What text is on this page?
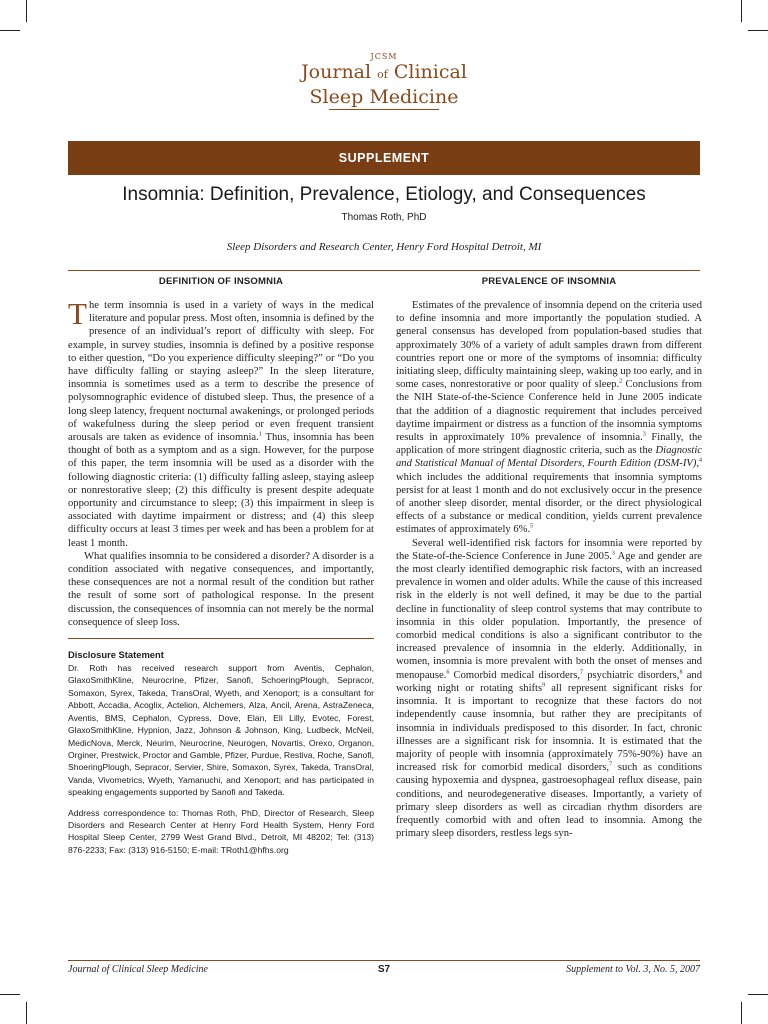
JCSM
Journal of Clinical
Sleep Medicine
SUPPLEMENT
Insomnia: Definition, Prevalence, Etiology, and Consequences
Thomas Roth, PhD
Sleep Disorders and Research Center, Henry Ford Hospital Detroit, MI
DEFINITION OF INSOMNIA

The term insomnia is used in a variety of ways in the medical literature and popular press. Most often, insomnia is defined by the presence of an individual’s report of difficulty with sleep. For example, in survey studies, insomnia is defined by a positive response to either question, “Do you experience difficulty sleeping?” or “Do you have difficulty falling or staying asleep?” In the sleep literature, insomnia is sometimes used as a term to describe the presence of polysomnographic evidence of distubed sleep. Thus, the presence of a long sleep latency, frequent nocturnal awakenings, or prolonged periods of wakefulness during the sleep period or even frequent transient arousals are taken as evidence of insomnia.$^1$ Thus, insomnia has been thought of both as a symptom and as a sign. However, for the purpose of this paper, the term insomnia will be used as a disorder with the following diagnostic criteria: (1) difficulty falling asleep, staying asleep or nonrestorative sleep; (2) this difficulty is present despite adequate opportunity and circumstance to sleep; (3) this impairment in sleep is associated with daytime impairment or distress; and (4) this sleep difficulty occurs at least 3 times per week and has been a problem for at least 1 month.

What qualifies insomnia to be considered a disorder? A disorder is a condition associated with negative consequences, and importantly, these consequences are not a normal result of the condition but rather the result of some sort of pathological response. In the present discussion, the consequences of insomnia can not merely be the normal consequence of sleep loss.

Disclosure Statement

Dr. Roth has received research support from Aventis, Cephalon, GlaxoSmithKline, Neurocrine, Pfizer, Sanofi, SchoeringPlough, Sepracor, Somaxon, Syrex, Takeda, TransOral, Wyeth, and Xenoport; is a consultant for Abbott, Accadia, Acoglix, Actelion, Alchemers, Alza, Ancil, Arena, AstraZeneca, Aventis, BMS, Cephalon, Cypress, Dove, Elan, Eli Lilly, Evotec, Forest, GlaxoSmithKline, Hypnion, Jazz, Johnson & Johnson, King, Ludbeck, McNeil, MedicNova, Merck, Neurim, Neurocrine, Neurogen, Novartis, Orexo, Organon, Orginer, Prestwick, Proctor and Gamble, Pfizer, Purdue, Restiva, Roche, Sanofi, ShoeringPlough, Sepracor, Servier, Shire, Somaxon, Syrex, Takeda, TransOral, Vanda, Vivometrics, Wyeth, Yamanuchi, and Xenoport; and has participated in speaking engagements supported by Sanofi and Takeda.

Address correspondence to: Thomas Roth, PhD, Director of Research, Sleep Disorders and Research Center at Henry Ford Health System, Henry Ford Hospital Sleep Center, 2799 West Grand Blvd., Detroit, MI 48202; Tel: (313) 876-2233; Fax: (313) 916-5150; E-mail: TRoth1@hfhs.org

PREVALENCE OF INSOMNIA

Estimates of the prevalence of insomnia depend on the criteria used to define insomnia and more importantly the population studied. A general consensus has developed from population-based studies that approximately 30% of a variety of adult samples drawn from different countries report one or more of the symptoms of insomnia: difficulty initiating sleep, difficulty maintaining sleep, waking up too early, and in some cases, nonrestorative or poor quality of sleep.$^2$ Conclusions from the NIH State-of-the-Science Conference held in June 2005 indicate that the addition of a diagnostic requirement that includes perceived daytime impairment or distress as a function of the insomnia symptoms results in approximately 10% prevalence of insomnia.$^3$ Finally, the application of more stringent diagnostic criteria, such as the Diagnostic and Statistical Manual of Mental Disorders, Fourth Edition (DSM-IV),$^4$ which includes the additional requirements that insomnia symptoms persist for at least 1 month and do not exclusively occur in the presence of another sleep disorder, mental disorder, or the direct physiological effects of a substance or medical condition, yields current prevalence estimates of approximately 6%.$^5$

Several well-identified risk factors for insomnia were reported by the State-of-the-Science Conference in June 2005.$^3$ Age and gender are the most clearly identified demographic risk factors, with an increased prevalence in women and older adults. While the cause of this increased risk in the elderly is not well defined, it may be due to the partial decline in functionality of sleep control systems that may contribute to insomnia in this older population. Importantly, the presence of comorbid medical conditions is also a significant contributor to the increased prevalence of insomnia in the elderly. Additionally, in women, insomnia is more prevalent with both the onset of menses and menopause.$^6$ Comorbid medical disorders,$^7$ psychiatric disorders,$^8$ and working night or rotating shifts$^9$ all represent significant risks for insomnia. It is important to recognize that these factors do not independently cause insomnia, but rather they are precipitants of insomnia in individuals predisposed to this disorder. In fact, chronic illnesses are a significant risk for insomnia. It is estimated that the majority of people with insomnia (approximately 75%-90%) have an increased risk for comorbid medical disorders,$^7$ such as conditions causing hypoxemia and dyspnea, gastroesophageal reflux disease, pain conditions, and neurodegenerative diseases. Importantly, a variety of primary sleep disorders as well as circadian rhythm disorders are frequently comorbid with and often lead to insomnia. Among the primary sleep disorders, restless legs syn-

Journal of Clinical Sleep Medicine	S7	Supplement to Vol. 3, No. 5, 2007
